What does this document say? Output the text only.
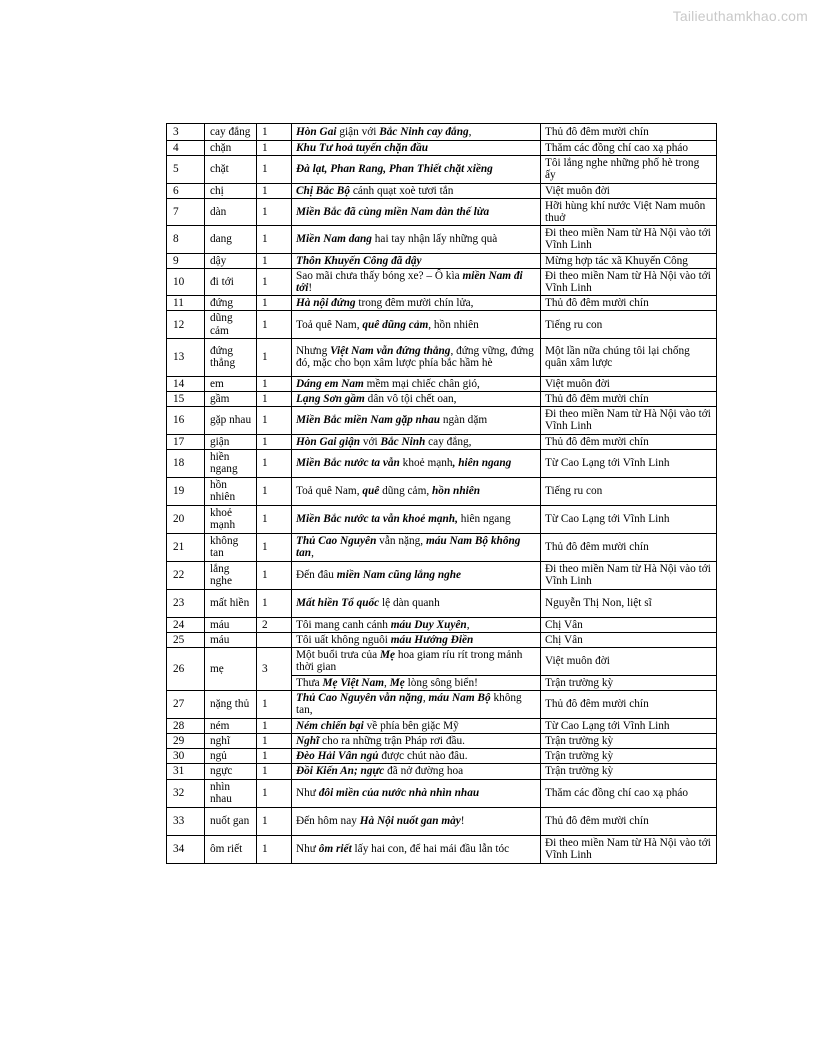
Tailieuthamkhao.com
3	cay đắng	1	Hòn Gai giận với Bắc Ninh cay đắng,	Thủ đô đêm mười chín
4	chặn	1	Khu Tư hoả tuyến chặn đầu	Thăm các đồng chí cao xạ pháo
5	chặt	1	Đà lạt, Phan Rang, Phan Thiết chặt xiềng	Tôi lắng nghe những phố hè trong ấy
6	chị	1	Chị Bắc Bộ cánh quạt xoè tươi tắn	Việt muôn đời
7	dàn	1	Miền Bắc đã cùng miền Nam dàn thế lừa	Hỡi hùng khí nước Việt Nam muôn thuở
8	dang	1	Miền Nam dang hai tay nhận lấy những quà	Đi theo miền Nam từ Hà Nội vào tới Vĩnh Linh
9	dậy	1	Thôn Khuyến Công đã dậy	Mừng hợp tác xã Khuyến Công
10	đi tới	1	Sao mãi chưa thấy bóng xe? – Ô kìa miền Nam đi tới!	Đi theo miền Nam từ Hà Nội vào tới Vĩnh Linh
11	đứng	1	Hà nội đứng trong đêm mười chín lửa,	Thủ đô đêm mười chín
12	dũng cảm	1	Toả quê Nam, quê dũng cảm, hồn nhiên	Tiếng ru con
13	đứng thẳng	1	Nhưng Việt Nam vẫn đứng thẳng, đứng vững, đứng đó, mặc cho bọn xâm lược phía bắc hầm hè	Một lần nữa chúng tôi lại chống quân xâm lược
14	em	1	Dáng em Nam mềm mại chiếc chân gió,	Việt muôn đời
15	gầm	1	Lạng Sơn gầm dân vô tội chết oan,	Thủ đô đêm mười chín
16	gặp nhau	1	Miền Bắc miền Nam gặp nhau ngàn dặm	Đi theo miền Nam từ Hà Nội vào tới Vĩnh Linh
17	giận	1	Hòn Gai giận với Bắc Ninh cay đắng,	Thủ đô đêm mười chín
18	hiền ngang	1	Miền Bắc nước ta vẫn khoẻ mạnh, hiên ngang	Từ Cao Lạng tới Vĩnh Linh
19	hồn nhiên	1	Toả quê Nam, quê dũng cảm, hồn nhiên	Tiếng ru con
20	khoẻ mạnh	1	Miền Bắc nước ta vẫn khoẻ mạnh, hiên ngang	Từ Cao Lạng tới Vĩnh Linh
21	không tan	1	Thủ Cao Nguyên vẫn nặng, máu Nam Bộ không tan,	Thủ đô đêm mười chín
22	lắng nghe	1	Đến đâu miền Nam cũng lắng nghe	Đi theo miền Nam từ Hà Nội vào tới Vĩnh Linh
23	mất hiền	1	Mất hiền Tổ quốc lệ dàn quanh	Nguyễn Thị Non, liệt sĩ
24	máu	2	Tôi mang canh cánh máu Duy Xuyên,	Chị Vân
25	máu		Tôi uất không nguôi máu Hướng Điền	Chị Vân
26	mẹ	3	Một buổi trưa của Mẹ hoa giam ríu rít trong mảnh thời gian	Việt muôn đời
			Thưa Mẹ Việt Nam, Mẹ lòng sông biển!	Trận trường kỳ
27	nặng thủ	1	Thủ Cao Nguyên vẫn nặng, máu Nam Bộ không tan,	Thủ đô đêm mười chín
28	ném	1	Ném chiến bại về phía bên giặc Mỹ	Từ Cao Lạng tới Vĩnh Linh
29	nghĩ	1	Nghĩ cho ra những trận Pháp rơi đầu.	Trận trường kỳ
30	ngủ	1	Đèo Hải Vân ngủ được chút nào đâu.	Trận trường kỳ
31	ngực	1	Đồi Kiến An; ngực đã nở đường hoa	Trận trường kỳ
32	nhìn nhau	1	Như đôi miền của nước nhà nhìn nhau	Thăm các đồng chí cao xạ pháo
33	nuốt gan	1	Đến hôm nay Hà Nội nuốt gan mày!	Thủ đô đêm mười chín
34	ôm riết	1	Như ôm riết lấy hai con, để hai mái đầu lẫn tóc	Đi theo miền Nam từ Hà Nội vào tới Vĩnh Linh
